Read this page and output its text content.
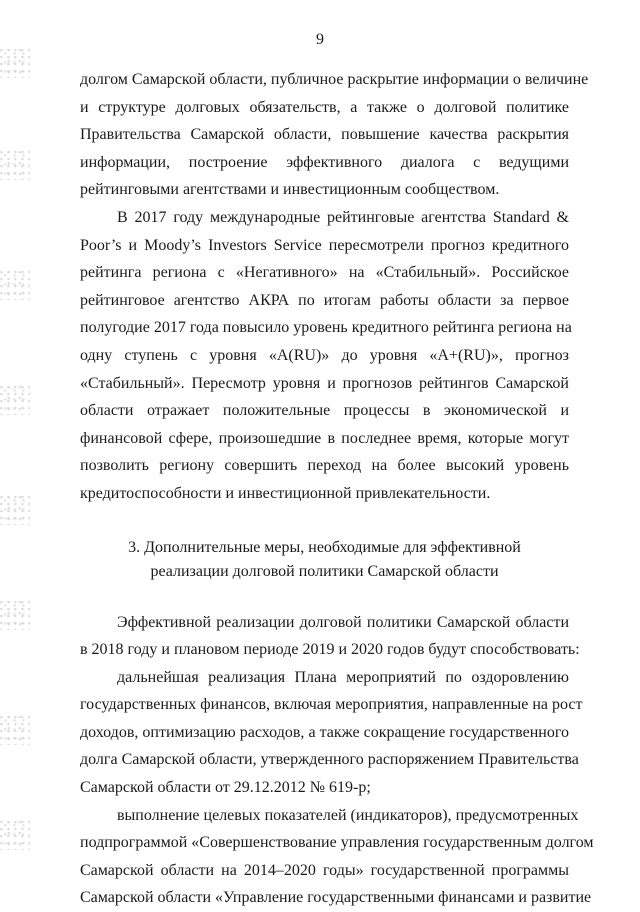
9
долгом Самарской области, публичное раскрытие информации о величине
и структуре долговых обязательств, а также о долговой политике
Правительства Самарской области, повышение качества раскрытия
информации, построение эффективного диалога с ведущими
рейтинговыми агентствами и инвестиционным сообществом.
В 2017 году международные рейтинговые агентства Standard &
Poor’s и Moody’s Investors Service пересмотрели прогноз кредитного
рейтинга региона с «Негативного» на «Стабильный». Российское
рейтинговое агентство АКРА по итогам работы области за первое
полугодие 2017 года повысило уровень кредитного рейтинга региона на
одну ступень с уровня «A(RU)» до уровня «A+(RU)», прогноз
«Стабильный». Пересмотр уровня и прогнозов рейтингов Самарской
области отражает положительные процессы в экономической и
финансовой сфере, произошедшие в последнее время, которые могут
позволить региону совершить переход на более высокий уровень
кредитоспособности и инвестиционной привлекательности.
3. Дополнительные меры, необходимые для эффективной
реализации долговой политики Самарской области
Эффективной реализации долговой политики Самарской области
в 2018 году и плановом периоде 2019 и 2020 годов будут способствовать:
дальнейшая реализация Плана мероприятий по оздоровлению
государственных финансов, включая мероприятия, направленные на рост
доходов, оптимизацию расходов, а также сокращение государственного
долга Самарской области, утвержденного распоряжением Правительства
Самарской области от 29.12.2012 № 619-р;
выполнение целевых показателей (индикаторов), предусмотренных
подпрограммой «Совершенствование управления государственным долгом
Самарской области на 2014–2020 годы» государственной программы
Самарской области «Управление государственными финансами и развитие
